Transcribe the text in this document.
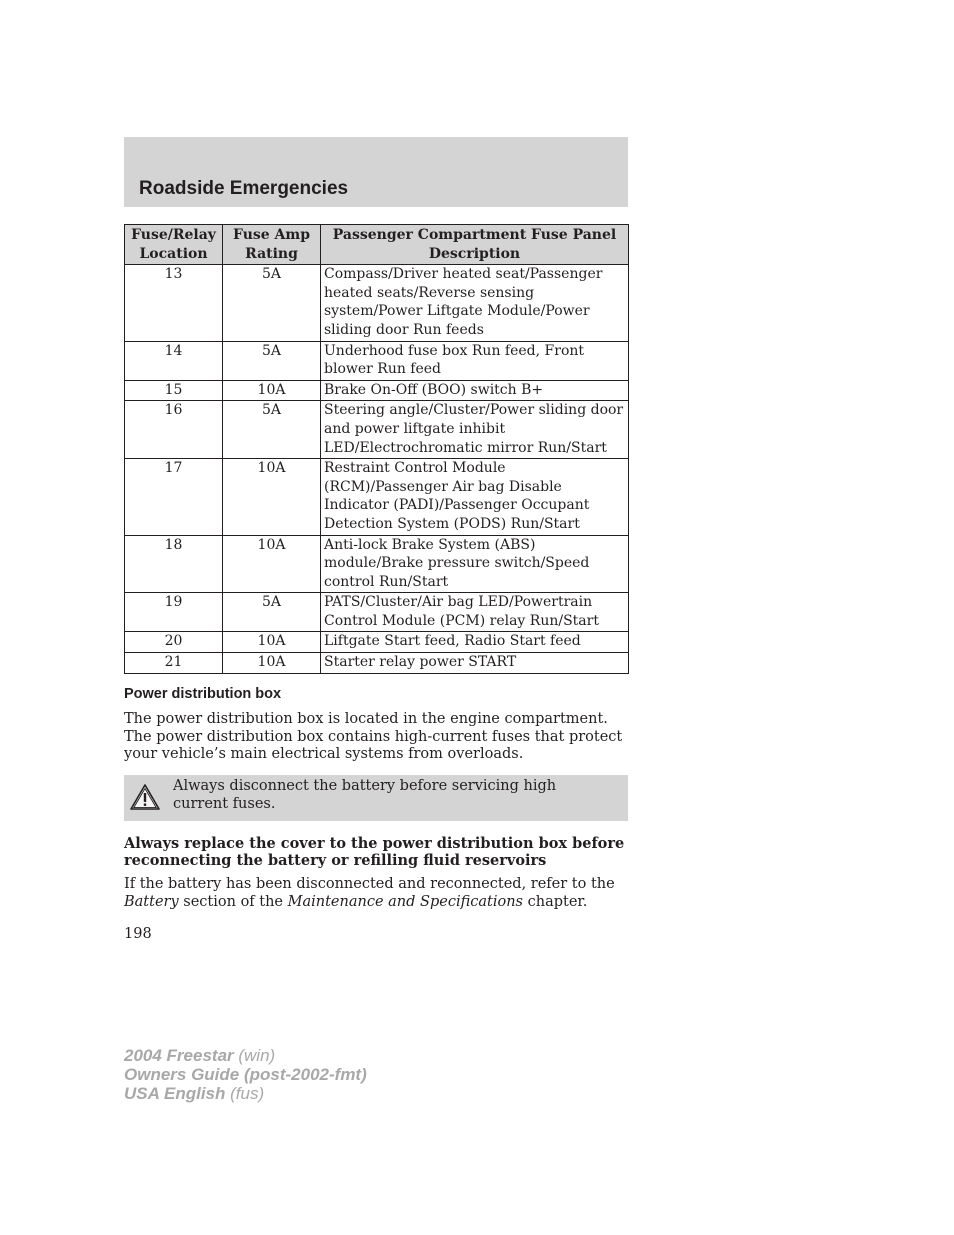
Roadside Emergencies
Fuse/Relay Location	Fuse Amp Rating	Passenger Compartment Fuse Panel Description
13	5A	Compass/Driver heated seat/Passenger heated seats/Reverse sensing system/Power Liftgate Module/Power sliding door Run feeds
14	5A	Underhood fuse box Run feed, Front blower Run feed
15	10A	Brake On-Off (BOO) switch B+
16	5A	Steering angle/Cluster/Power sliding door and power liftgate inhibit LED/Electrochromatic mirror Run/Start
17	10A	Restraint Control Module (RCM)/Passenger Air bag Disable Indicator (PADI)/Passenger Occupant Detection System (PODS) Run/Start
18	10A	Anti-lock Brake System (ABS) module/Brake pressure switch/Speed control Run/Start
19	5A	PATS/Cluster/Air bag LED/Powertrain Control Module (PCM) relay Run/Start
20	10A	Liftgate Start feed, Radio Start feed
21	10A	Starter relay power START
Power distribution box

The power distribution box is located in the engine compartment. The power distribution box contains high-current fuses that protect your vehicle’s main electrical systems from overloads.

Always disconnect the battery before servicing high current fuses.

Always replace the cover to the power distribution box before reconnecting the battery or refilling fluid reservoirs

If the battery has been disconnected and reconnected, refer to the Battery section of the Maintenance and Specifications chapter.

198

2004 Freestar (win)
Owners Guide (post-2002-fmt)
USA English (fus)
